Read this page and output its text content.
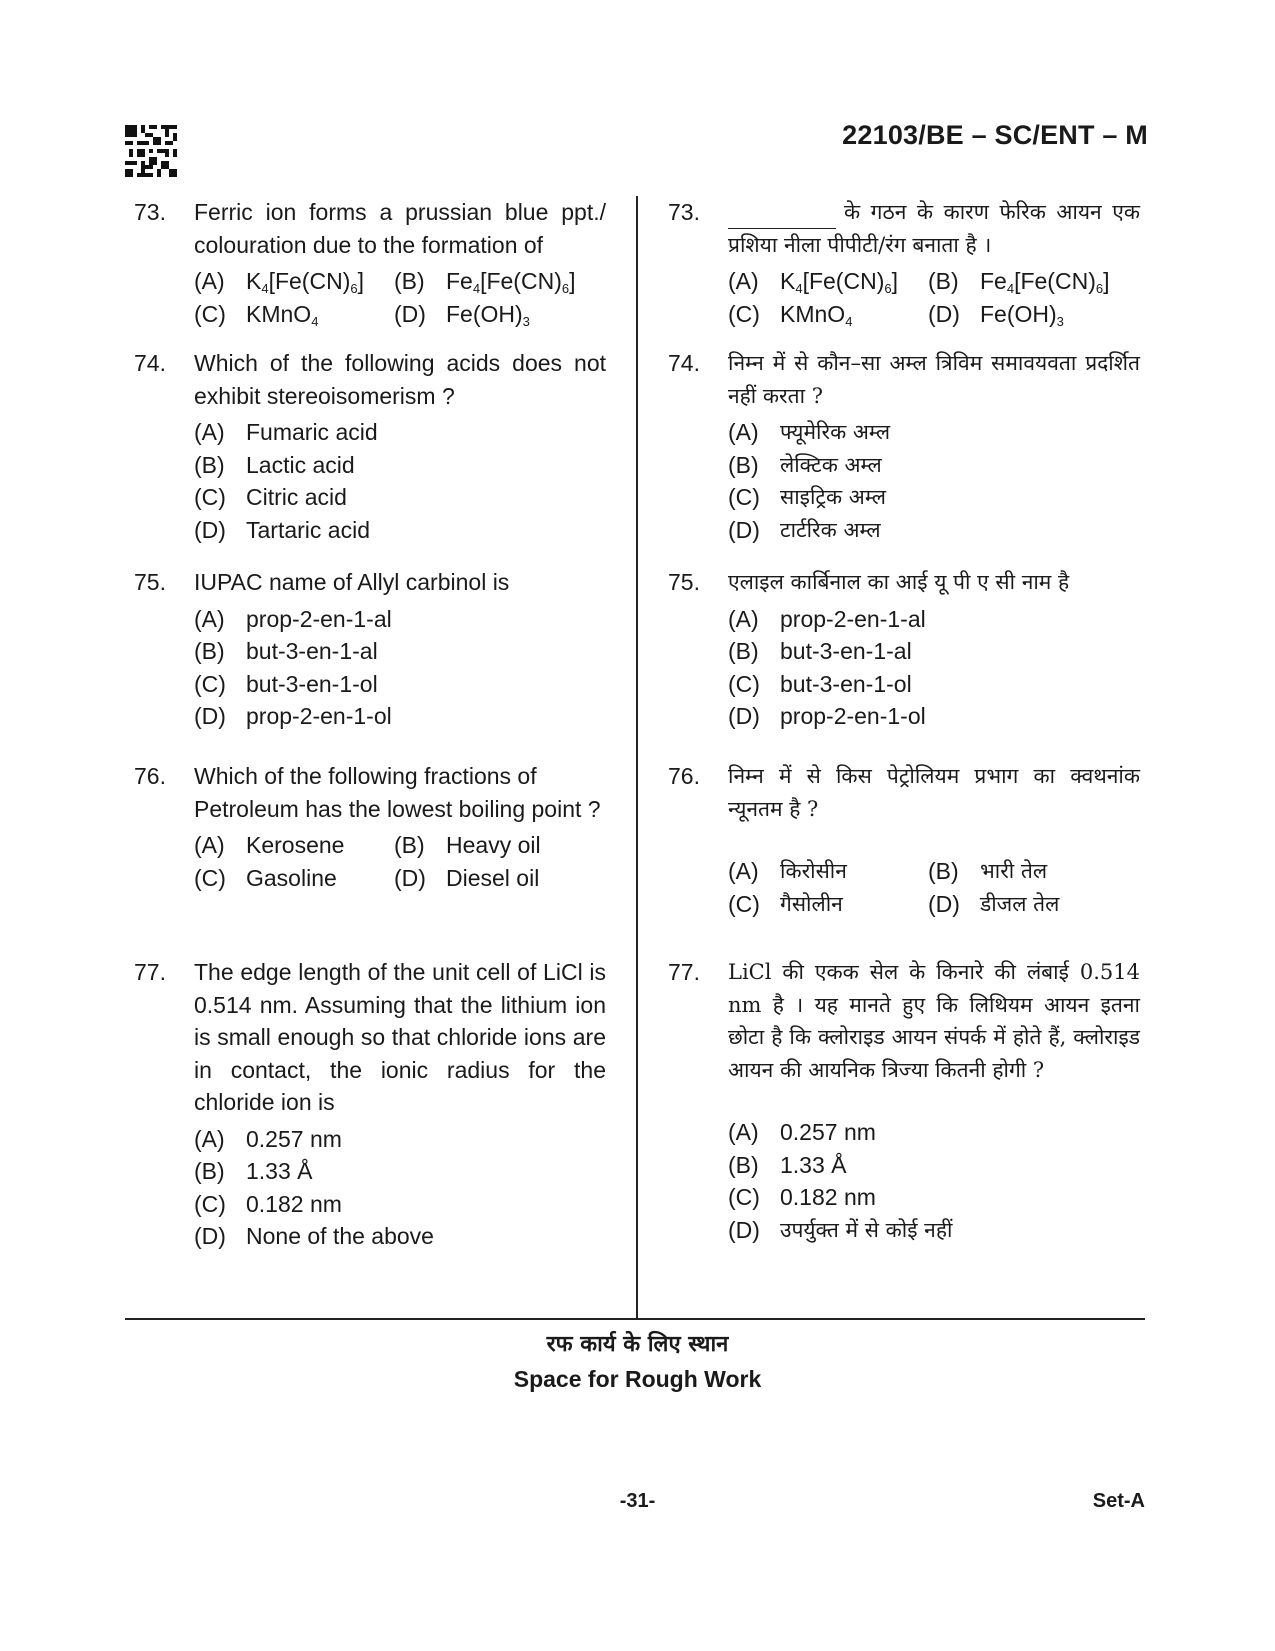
22103/BE – SC/ENT – M
73.	Ferric ion forms a prussian blue ppt./ colouration due to the formation of
(A) $K_4[Fe(CN)_6]$ (B) $Fe_4[Fe(CN)_6]$
(C) KMnO$_4$	(D) $Fe(OH)_3$
74.	Which of the following acids does not exhibit stereoisomerism ?
(A) Fumaric acid
(B) Lactic acid
(C) Citric acid
(D) Tartaric acid
75.	IUPAC name of Allyl carbinol is
(A) prop-2-en-1-al
(B) but-3-en-1-al
(C) but-3-en-1-ol
(D) prop-2-en-1-ol
76.	Which of the following fractions of Petroleum has the lowest boiling point ?
(A) Kerosene (B) Heavy oil
(C) Gasoline (D) Diesel oil
77.	The edge length of the unit cell of LiCl is 0.514 nm. Assuming that the lithium ion is small enough so that chloride ions are in contact, the ionic radius for the chloride ion is
(A) 0.257 nm
(B) 1.33 Å
(C) 0.182 nm
(D) None of the above
73.	के गठन के कारण फेरिक आयन एक प्रशिया नीला पीपीटी/रंग बनाता है ।
(A) $K_4[Fe(CN)_6]$ (B) $Fe_4[Fe(CN)_6]$
(C) KMnO$_4$	(D) $Fe(OH)_3$
74.	निम्न में से कौन–सा अम्ल त्रिविम समावयवता प्रदर्शित नहीं करता ?
(A)	फ्यूमेरिक अम्ल
(B)	लेक्टिक अम्ल
(C) साइट्रिक अम्ल
(D) टार्टरिक अम्ल
75.	एलाइल कार्बिनाल का आई यू पी ए सी नाम है
(A) prop-2-en-1-al
(B) but-3-en-1-al
(C) but-3-en-1-ol
(D) prop-2-en-1-ol
76.	निम्न में से किस पेट्रोलियम प्रभाग का क्वथनांक न्यूनतम है ?
(A)	किरोसीन	(B)	भारी तेल
(C) गैसोलीन	(D) डीजल तेल
77.	LiCl की एकक सेल के किनारे की लंबाई 0.514 nm है । यह मानते हुए कि लिथियम आयन इतना छोटा है कि क्लोराइड आयन संपर्क में होते हैं, क्लोराइड आयन की आयनिक त्रिज्या कितनी होगी ?
(A) 0.257 nm
(B) 1.33 Å
(C) 0.182 nm
(D) उपर्युक्त में से कोई नहीं
रफ कार्य के लिए स्थान
Space for Rough Work
-31-	Set-A
